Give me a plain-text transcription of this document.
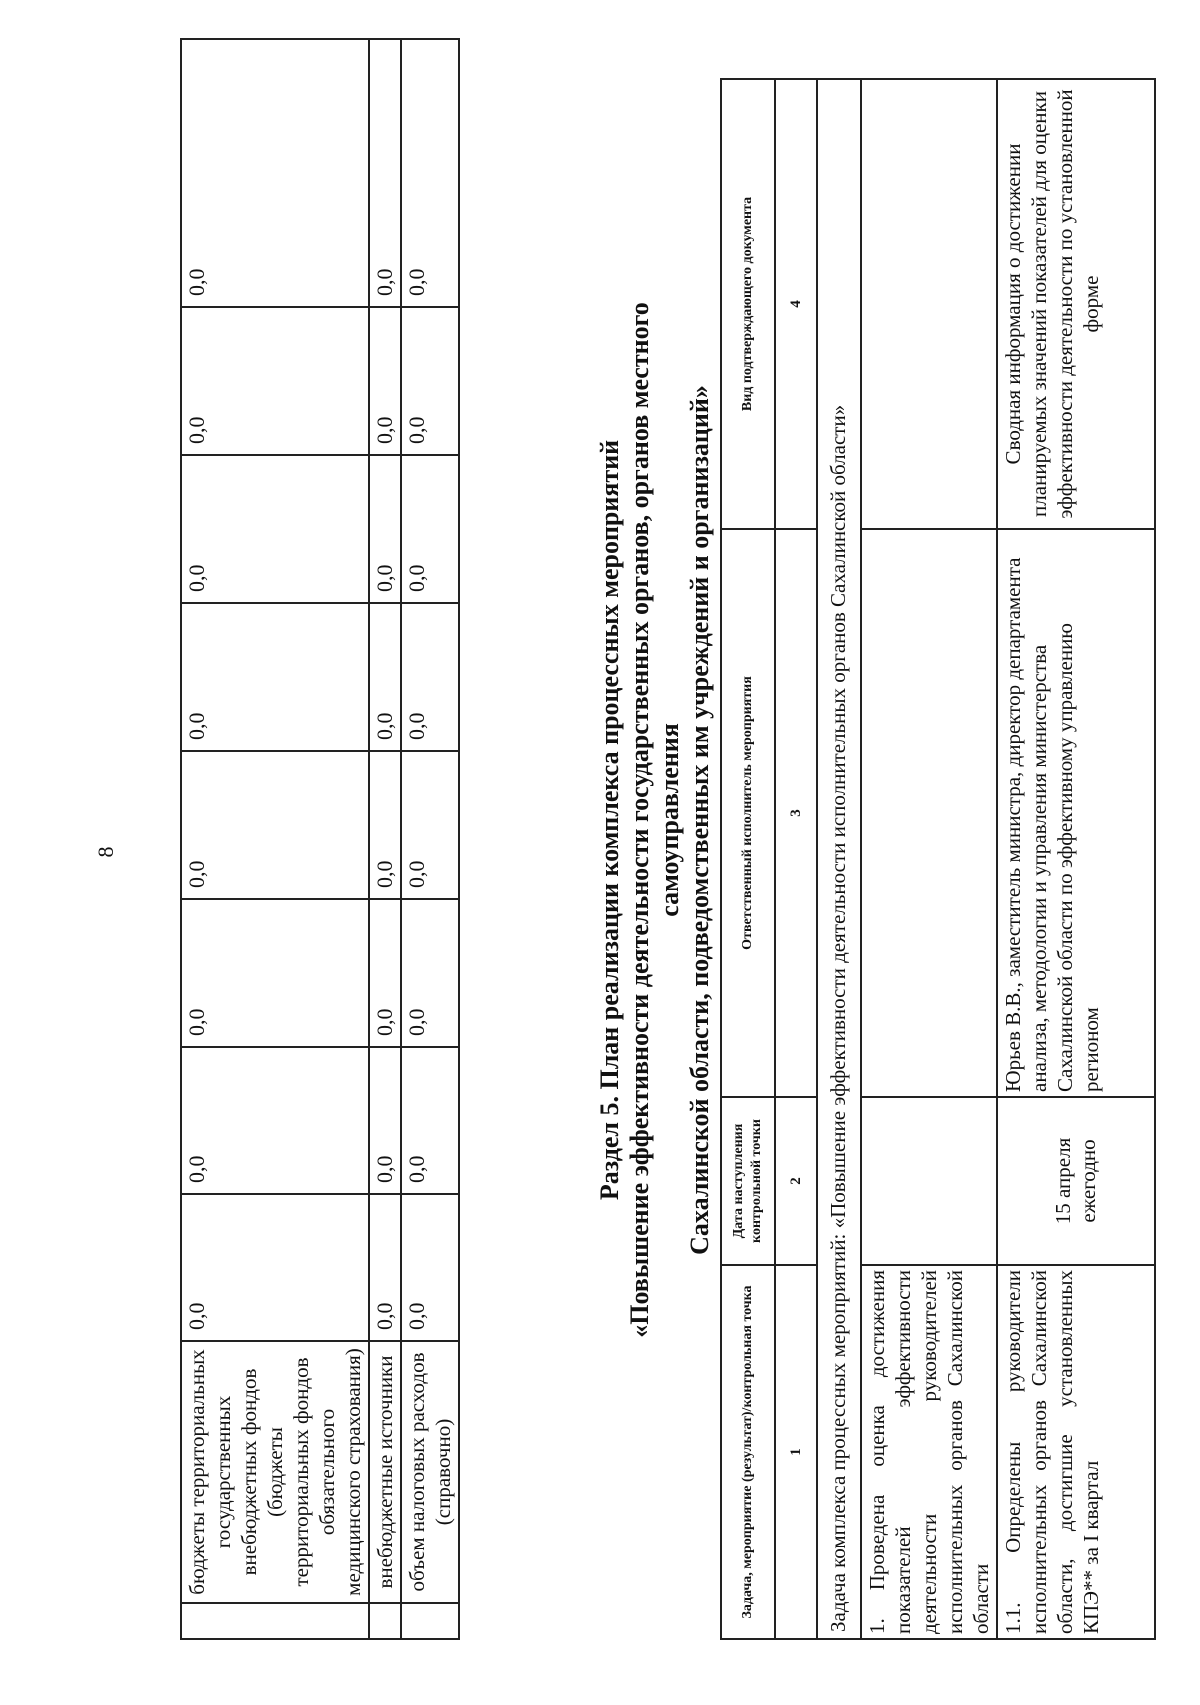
8
	бюджеты территориальных государственных внебюджетных фондов (бюджеты территориальных фондов обязательного медицинского страхования)	0,0	0,0	0,0	0,0	0,0	0,0	0,0	0,0
	внебюджетные источники	0,0	0,0	0,0	0,0	0,0	0,0	0,0	0,0
	объем налоговых расходов (справочно)	0,0	0,0	0,0	0,0	0,0	0,0	0,0	0,0
Раздел 5. План реализации комплекса процессных мероприятий «Повышение эффективности деятельности государственных органов, органов местного самоуправления Сахалинской области, подведомственных им учреждений и организаций»
Задача, мероприятие (результат)/контрольная точка	Дата наступления контрольной точки	Ответственный исполнитель мероприятия	Вид подтверждающего документа
1	2	3	4
Задача комплекса процессных мероприятий: «Повышение эффективности деятельности исполнительных органов Сахалинской области»			
1. Проведена оценка достижения показателей эффективности деятельности руководителей исполнительных органов Сахалинской области			
1.1. Определены руководители исполнительных органов Сахалинской области, достигшие установленных КПЭ** за I квартал	15 апреля ежегодно	Юрьев В.В., заместитель министра, директор департамента анализа, методологии и управления министерства Сахалинской области по эффективному управлению регионом	Сводная информация о достижении планируемых значений показателей для оценки эффективности деятельности по установленной форме
